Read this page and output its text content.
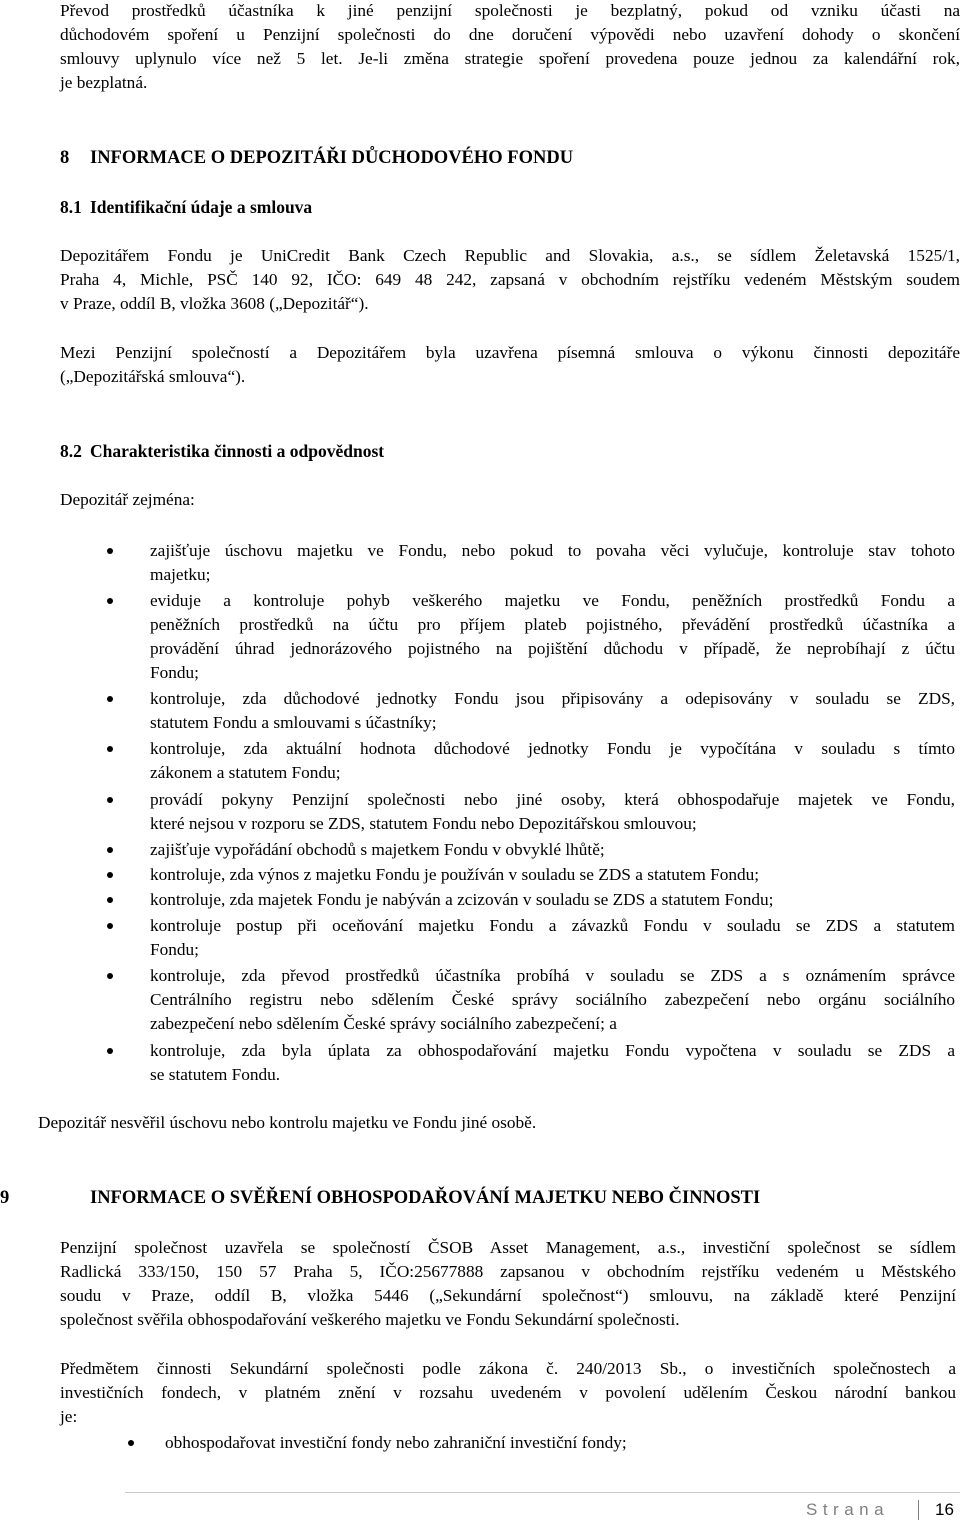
Převod prostředků účastníka k jiné penzijní společnosti je bezplatný, pokud od vzniku účasti na
důchodovém spoření u Penzijní společnosti do dne doručení výpovědi nebo uzavření dohody o skončení
smlouvy uplynulo více než 5 let. Je-li změna strategie spoření provedena pouze jednou za kalendářní rok,
je bezplatná.
8 INFORMACE O DEPOZITÁŘI DŮCHODOVÉHO FONDU
8.1 Identifikační údaje a smlouva
Depozitářem Fondu je UniCredit Bank Czech Republic and Slovakia, a.s., se sídlem Želetavská 1525/1,
Praha 4, Michle, PSČ 140 92, IČO: 649 48 242, zapsaná v obchodním rejstříku vedeném Městským soudem
v Praze, oddíl B, vložka 3608 („Depozitář“).
Mezi Penzijní společností a Depozitářem byla uzavřena písemná smlouva o výkonu činnosti depozitáře
(„Depozitářská smlouva“).
8.2 Charakteristika činnosti a odpovědnost
Depozitář zejména:
zajišťuje úschovu majetku ve Fondu, nebo pokud to povaha věci vylučuje, kontroluje stav tohoto
majetku;
eviduje a kontroluje pohyb veškerého majetku ve Fondu, peněžních prostředků Fondu a
peněžních prostředků na účtu pro příjem plateb pojistného, převádění prostředků účastníka a
provádění úhrad jednorázového pojistného na pojištění důchodu v případě, že neprobíhají z účtu
Fondu;
kontroluje, zda důchodové jednotky Fondu jsou připisovány a odepisovány v souladu se ZDS,
statutem Fondu a smlouvami s účastníky;
kontroluje, zda aktuální hodnota důchodové jednotky Fondu je vypočítána v souladu s tímto
zákonem a statutem Fondu;
provádí pokyny Penzijní společnosti nebo jiné osoby, která obhospodařuje majetek ve Fondu,
které nejsou v rozporu se ZDS, statutem Fondu nebo Depozitářskou smlouvou;
zajišťuje vypořádání obchodů s majetkem Fondu v obvyklé lhůtě;
kontroluje, zda výnos z majetku Fondu je používán v souladu se ZDS a statutem Fondu;
kontroluje, zda majetek Fondu je nabýván a zcizován v souladu se ZDS a statutem Fondu;
kontroluje postup při oceňování majetku Fondu a závazků Fondu v souladu se ZDS a statutem
Fondu;
kontroluje, zda převod prostředků účastníka probíhá v souladu se ZDS a s oznámením správce
Centrálního registru nebo sdělením České správy sociálního zabezpečení nebo orgánu sociálního
zabezpečení nebo sdělením České správy sociálního zabezpečení; a
kontroluje, zda byla úplata za obhospodařování majetku Fondu vypočtena v souladu se ZDS a
se statutem Fondu.
Depozitář nesvěřil úschovu nebo kontrolu majetku ve Fondu jiné osobě.
9	INFORMACE O SVĚŘENÍ OBHOSPODAŘOVÁNÍ MAJETKU NEBO ČINNOSTI
Penzijní společnost uzavřela se společností ČSOB Asset Management, a.s., investiční společnost se sídlem
Radlická 333/150, 150 57 Praha 5, IČO:25677888 zapsanou v obchodním rejstříku vedeném u Městského
soudu v Praze, oddíl B, vložka 5446 („Sekundární společnost“) smlouvu, na základě které Penzijní
společnost svěřila obhospodařování veškerého majetku ve Fondu Sekundární společnosti.
Předmětem činnosti Sekundární společnosti podle zákona č. 240/2013 Sb., o investičních společnostech a
investičních fondech, v platném znění v rozsahu uvedeném v povolení udělením Českou národní bankou
je:
obhospodařovat investiční fondy nebo zahraniční investiční fondy;
Strana	16
